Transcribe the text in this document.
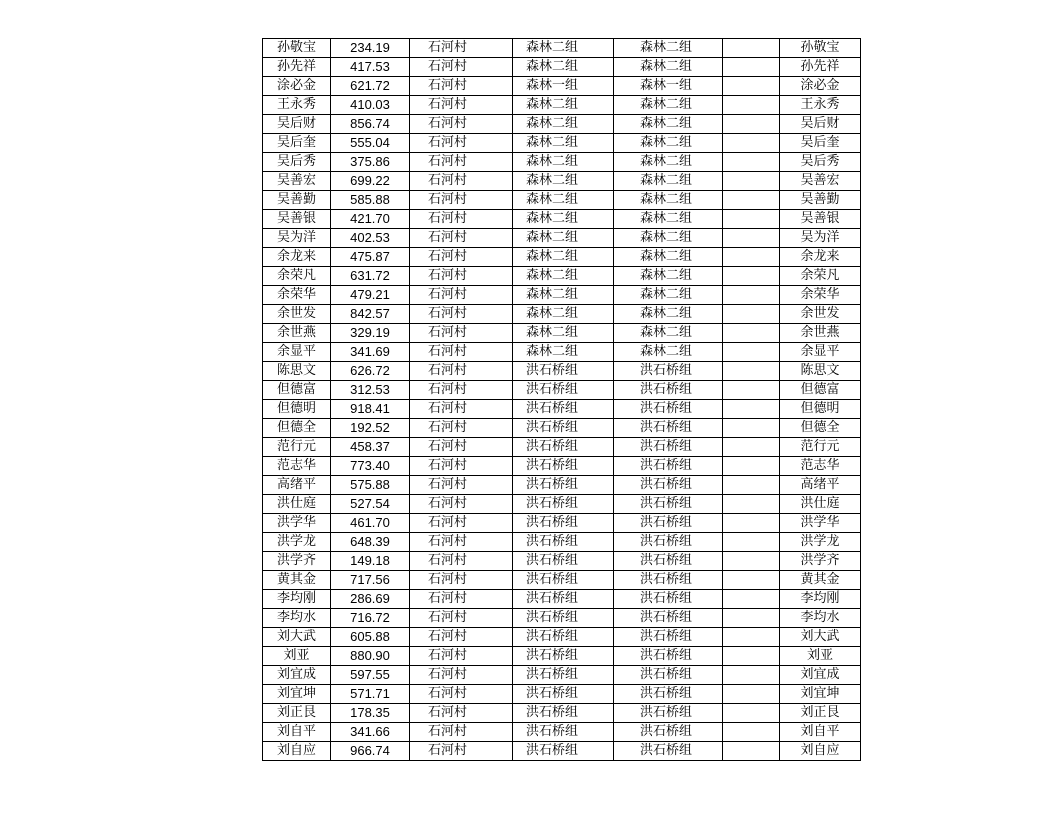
孙敬宝	234.19	石河村	森林二组	森林二组		孙敬宝
孙先祥	417.53	石河村	森林二组	森林二组		孙先祥
涂必金	621.72	石河村	森林一组	森林一组		涂必金
王永秀	410.03	石河村	森林二组	森林二组		王永秀
吴后财	856.74	石河村	森林二组	森林二组		吴后财
吴后奎	555.04	石河村	森林二组	森林二组		吴后奎
吴后秀	375.86	石河村	森林二组	森林二组		吴后秀
吴善宏	699.22	石河村	森林二组	森林二组		吴善宏
吴善勤	585.88	石河村	森林二组	森林二组		吴善勤
吴善银	421.70	石河村	森林二组	森林二组		吴善银
吴为洋	402.53	石河村	森林二组	森林二组		吴为洋
余龙来	475.87	石河村	森林二组	森林二组		余龙来
余荣凡	631.72	石河村	森林二组	森林二组		余荣凡
余荣华	479.21	石河村	森林二组	森林二组		余荣华
余世发	842.57	石河村	森林二组	森林二组		余世发
余世燕	329.19	石河村	森林二组	森林二组		余世燕
余显平	341.69	石河村	森林二组	森林二组		余显平
陈思文	626.72	石河村	洪石桥组	洪石桥组		陈思文
但德富	312.53	石河村	洪石桥组	洪石桥组		但德富
但德明	918.41	石河村	洪石桥组	洪石桥组		但德明
但德全	192.52	石河村	洪石桥组	洪石桥组		但德全
范行元	458.37	石河村	洪石桥组	洪石桥组		范行元
范志华	773.40	石河村	洪石桥组	洪石桥组		范志华
高绪平	575.88	石河村	洪石桥组	洪石桥组		高绪平
洪仕庭	527.54	石河村	洪石桥组	洪石桥组		洪仕庭
洪学华	461.70	石河村	洪石桥组	洪石桥组		洪学华
洪学龙	648.39	石河村	洪石桥组	洪石桥组		洪学龙
洪学齐	149.18	石河村	洪石桥组	洪石桥组		洪学齐
黄其金	717.56	石河村	洪石桥组	洪石桥组		黄其金
李均刚	286.69	石河村	洪石桥组	洪石桥组		李均刚
李均水	716.72	石河村	洪石桥组	洪石桥组		李均水
刘大武	605.88	石河村	洪石桥组	洪石桥组		刘大武
刘亚	880.90	石河村	洪石桥组	洪石桥组		刘亚
刘宜成	597.55	石河村	洪石桥组	洪石桥组		刘宜成
刘宜坤	571.71	石河村	洪石桥组	洪石桥组		刘宜坤
刘正艮	178.35	石河村	洪石桥组	洪石桥组		刘正艮
刘自平	341.66	石河村	洪石桥组	洪石桥组		刘自平
刘自应	966.74	石河村	洪石桥组	洪石桥组		刘自应
